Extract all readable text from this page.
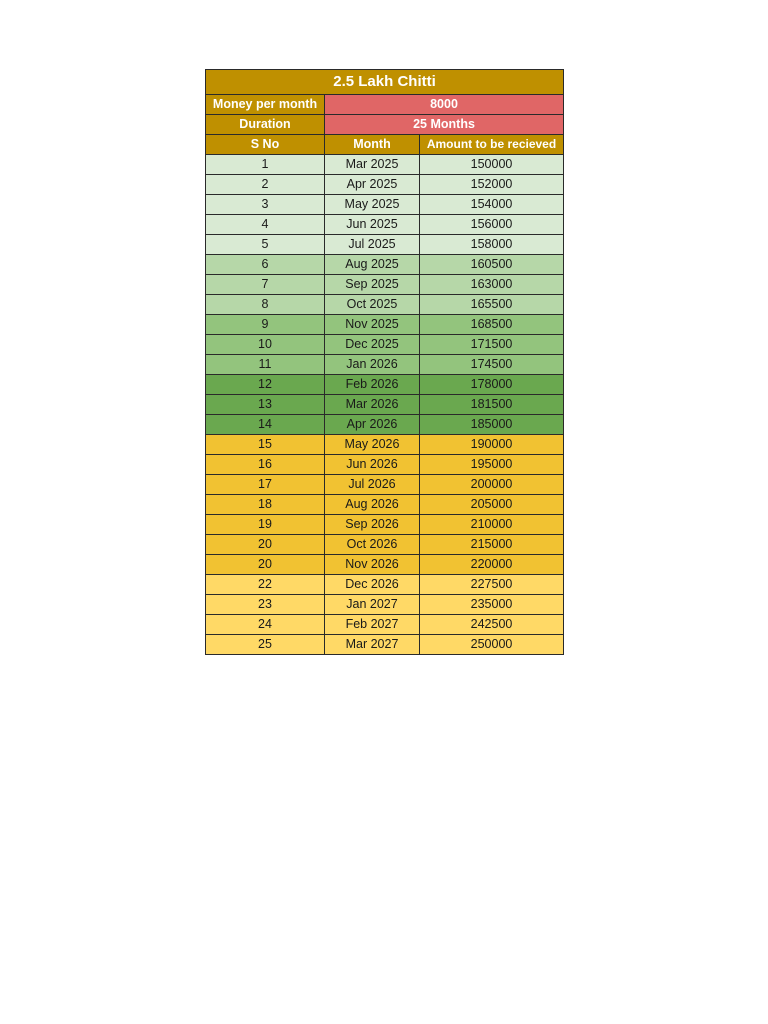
2.5 Lakh Chitti		
Money per month	8000	
Duration	25 Months	
S No	Month	Amount to be recieved
1	Mar 2025	150000
2	Apr 2025	152000
3	May 2025	154000
4	Jun 2025	156000
5	Jul 2025	158000
6	Aug 2025	160500
7	Sep 2025	163000
8	Oct 2025	165500
9	Nov 2025	168500
10	Dec 2025	171500
11	Jan 2026	174500
12	Feb 2026	178000
13	Mar 2026	181500
14	Apr 2026	185000
15	May 2026	190000
16	Jun 2026	195000
17	Jul 2026	200000
18	Aug 2026	205000
19	Sep 2026	210000
20	Oct 2026	215000
20	Nov 2026	220000
22	Dec 2026	227500
23	Jan 2027	235000
24	Feb 2027	242500
25	Mar 2027	250000
